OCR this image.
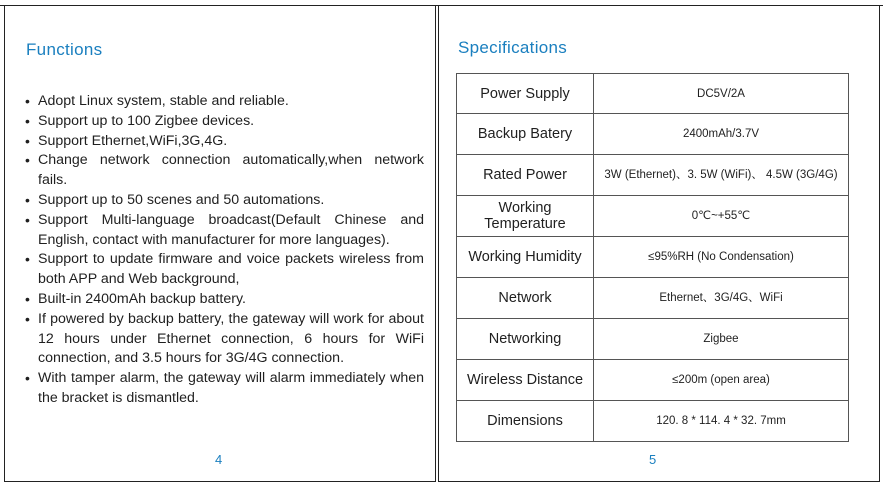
Functions
• Adopt Linux system, stable and reliable.
• Support up to 100 Zigbee devices.
• Support Ethernet,WiFi,3G,4G.
• Change network connection automatically,when network fails.
• Support up to 50 scenes and 50 automations.
• Support Multi-language broadcast(Default Chinese and English, contact with manufacturer for more languages).
• Support to update firmware and voice packets wireless from both APP and Web background,
• Built-in 2400mAh backup battery.
• If powered by backup battery, the gateway will work for about 12 hours under Ethernet connection, 6 hours for WiFi connection, and 3.5 hours for 3G/4G connection.
• With tamper alarm, the gateway will alarm immediately when the bracket is dismantled.
4
Specifications
Power Supply	DC5V/2A
Backup Batery	2400mAh/3.7V
Rated Power	3W (Ethernet)、3. 5W (WiFi)、 4.5W (3G/4G)
Working Temperature	0℃~+55℃
Working Humidity	≤95%RH (No Condensation)
Network	Ethernet、3G/4G、WiFi
Networking	Zigbee
Wireless Distance	≤200m (open area)
Dimensions	120. 8 * 114. 4 * 32. 7mm
5
